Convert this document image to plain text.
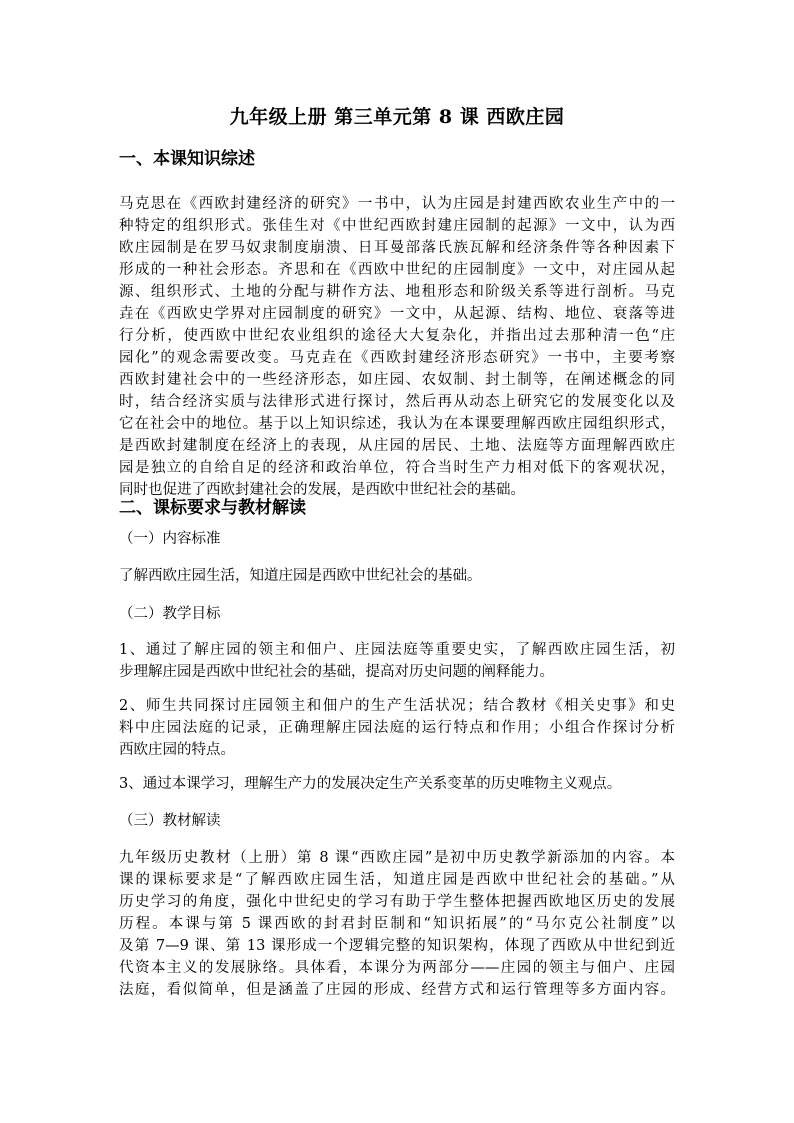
九年级上册 第三单元第 8 课 西欧庄园
一、本课知识综述
马克思在《西欧封建经济的研究》一书中，认为庄园是封建西欧农业生产中的一
种特定的组织形式。张佳生对《中世纪西欧封建庄园制的起源》一文中，认为西
欧庄园制是在罗马奴隶制度崩溃、日耳曼部落氏族瓦解和经济条件等各种因素下
形成的一种社会形态。齐思和在《西欧中世纪的庄园制度》一文中，对庄园从起
源、组织形式、土地的分配与耕作方法、地租形态和阶级关系等进行剖析。马克
垚在《西欧史学界对庄园制度的研究》一文中，从起源、结构、地位、衰落等进
行分析，使西欧中世纪农业组织的途径大大复杂化，并指出过去那种清一色“庄
园化”的观念需要改变。马克垚在《西欧封建经济形态研究》一书中，主要考察
西欧封建社会中的一些经济形态，如庄园、农奴制、封土制等，在阐述概念的同
时，结合经济实质与法律形式进行探讨，然后再从动态上研究它的发展变化以及
它在社会中的地位。基于以上知识综述，我认为在本课要理解西欧庄园组织形式，
是西欧封建制度在经济上的表现，从庄园的居民、土地、法庭等方面理解西欧庄
园是独立的自给自足的经济和政治单位，符合当时生产力相对低下的客观状况，
同时也促进了西欧封建社会的发展，是西欧中世纪社会的基础。
二、课标要求与教材解读
（一）内容标准
了解西欧庄园生活，知道庄园是西欧中世纪社会的基础。
（二）教学目标
1、通过了解庄园的领主和佃户、庄园法庭等重要史实，了解西欧庄园生活，初
步理解庄园是西欧中世纪社会的基础，提高对历史问题的阐释能力。
2、师生共同探讨庄园领主和佃户的生产生活状况；结合教材《相关史事》和史
料中庄园法庭的记录，正确理解庄园法庭的运行特点和作用；小组合作探讨分析
西欧庄园的特点。
3、通过本课学习，理解生产力的发展决定生产关系变革的历史唯物主义观点。
（三）教材解读
九年级历史教材（上册）第 8 课“西欧庄园”是初中历史教学新添加的内容。本
课的课标要求是“了解西欧庄园生活，知道庄园是西欧中世纪社会的基础。”从
历史学习的角度，强化中世纪史的学习有助于学生整体把握西欧地区历史的发展
历程。本课与第 5 课西欧的封君封臣制和“知识拓展”的“马尔克公社制度”以
及第 7—9 课、第 13 课形成一个逻辑完整的知识架构，体现了西欧从中世纪到近
代资本主义的发展脉络。具体看，本课分为两部分——庄园的领主与佃户、庄园
法庭，看似简单，但是涵盖了庄园的形成、经营方式和运行管理等多方面内容。
